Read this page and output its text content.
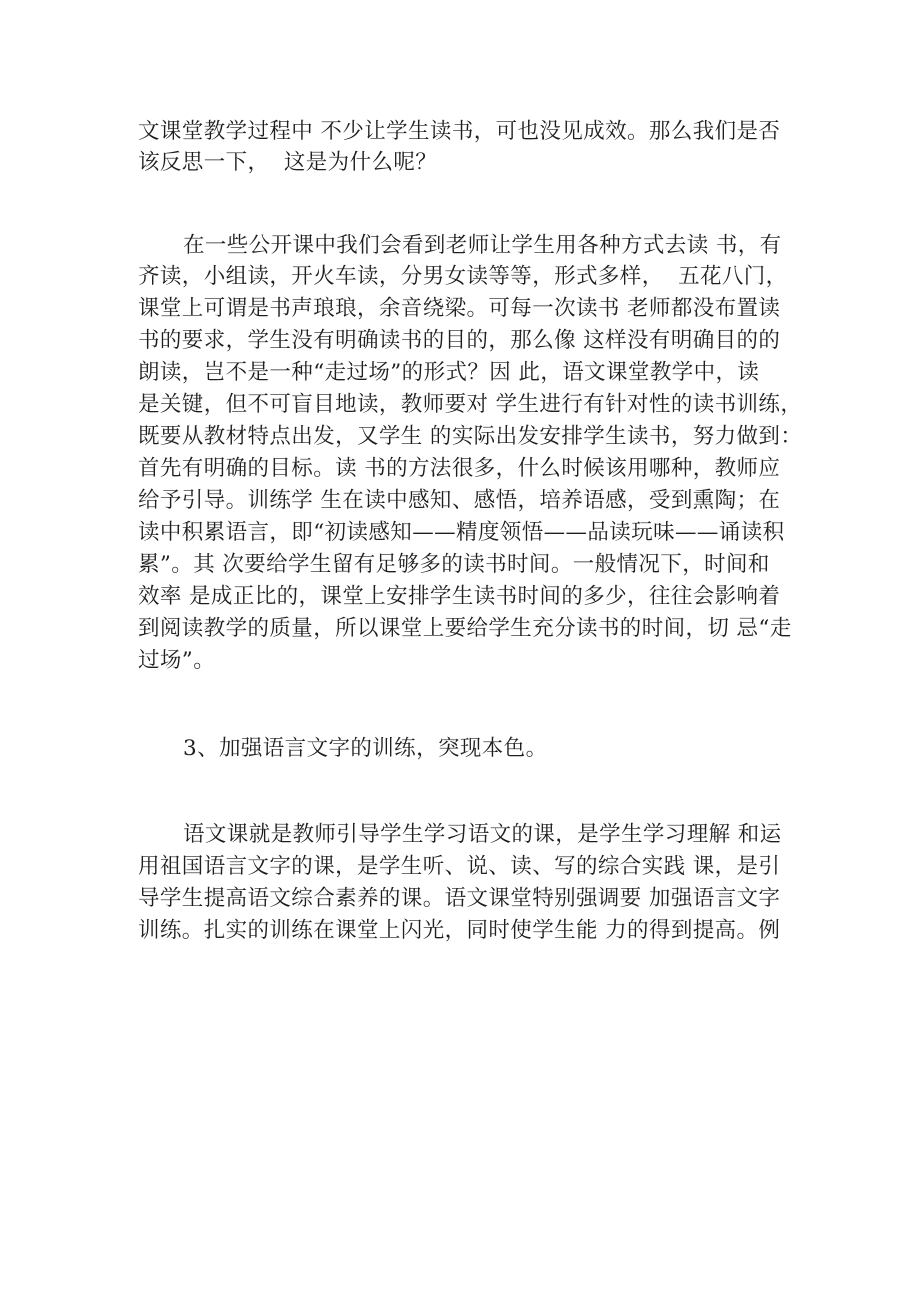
文课堂教学过程中 不少让学生读书，可也没见成效。那么我们是否
该反思一下，  这是为什么呢？
在一些公开课中我们会看到老师让学生用各种方式去读 书，有
齐读，小组读，开火车读，分男女读等等，形式多样，  五花八门，
课堂上可谓是书声琅琅，余音绕梁。可每一次读书 老师都没布置读
书的要求，学生没有明确读书的目的，那么像 这样没有明确目的的
朗读，岂不是一种“走过场”的形式？因 此，语文课堂教学中，读
是关键，但不可盲目地读，教师要对 学生进行有针对性的读书训练，
既要从教材特点出发，又学生 的实际出发安排学生读书，努力做到：
首先有明确的目标。读 书的方法很多，什么时候该用哪种，教师应
给予引导。训练学 生在读中感知、感悟，培养语感，受到熏陶；在
读中积累语言，即“初读感知——精度领悟——品读玩味——诵读积
累”。其 次要给学生留有足够多的读书时间。一般情况下，时间和
效率 是成正比的，课堂上安排学生读书时间的多少，往往会影响着
到阅读教学的质量，所以课堂上要给学生充分读书的时间，切 忌“走
过场”。
3、加强语言文字的训练，突现本色。
语文课就是教师引导学生学习语文的课，是学生学习理解 和运
用祖国语言文字的课，是学生听、说、读、写的综合实践 课，是引
导学生提高语文综合素养的课。语文课堂特别强调要 加强语言文字
训练。扎实的训练在课堂上闪光，同时使学生能 力的得到提高。例
